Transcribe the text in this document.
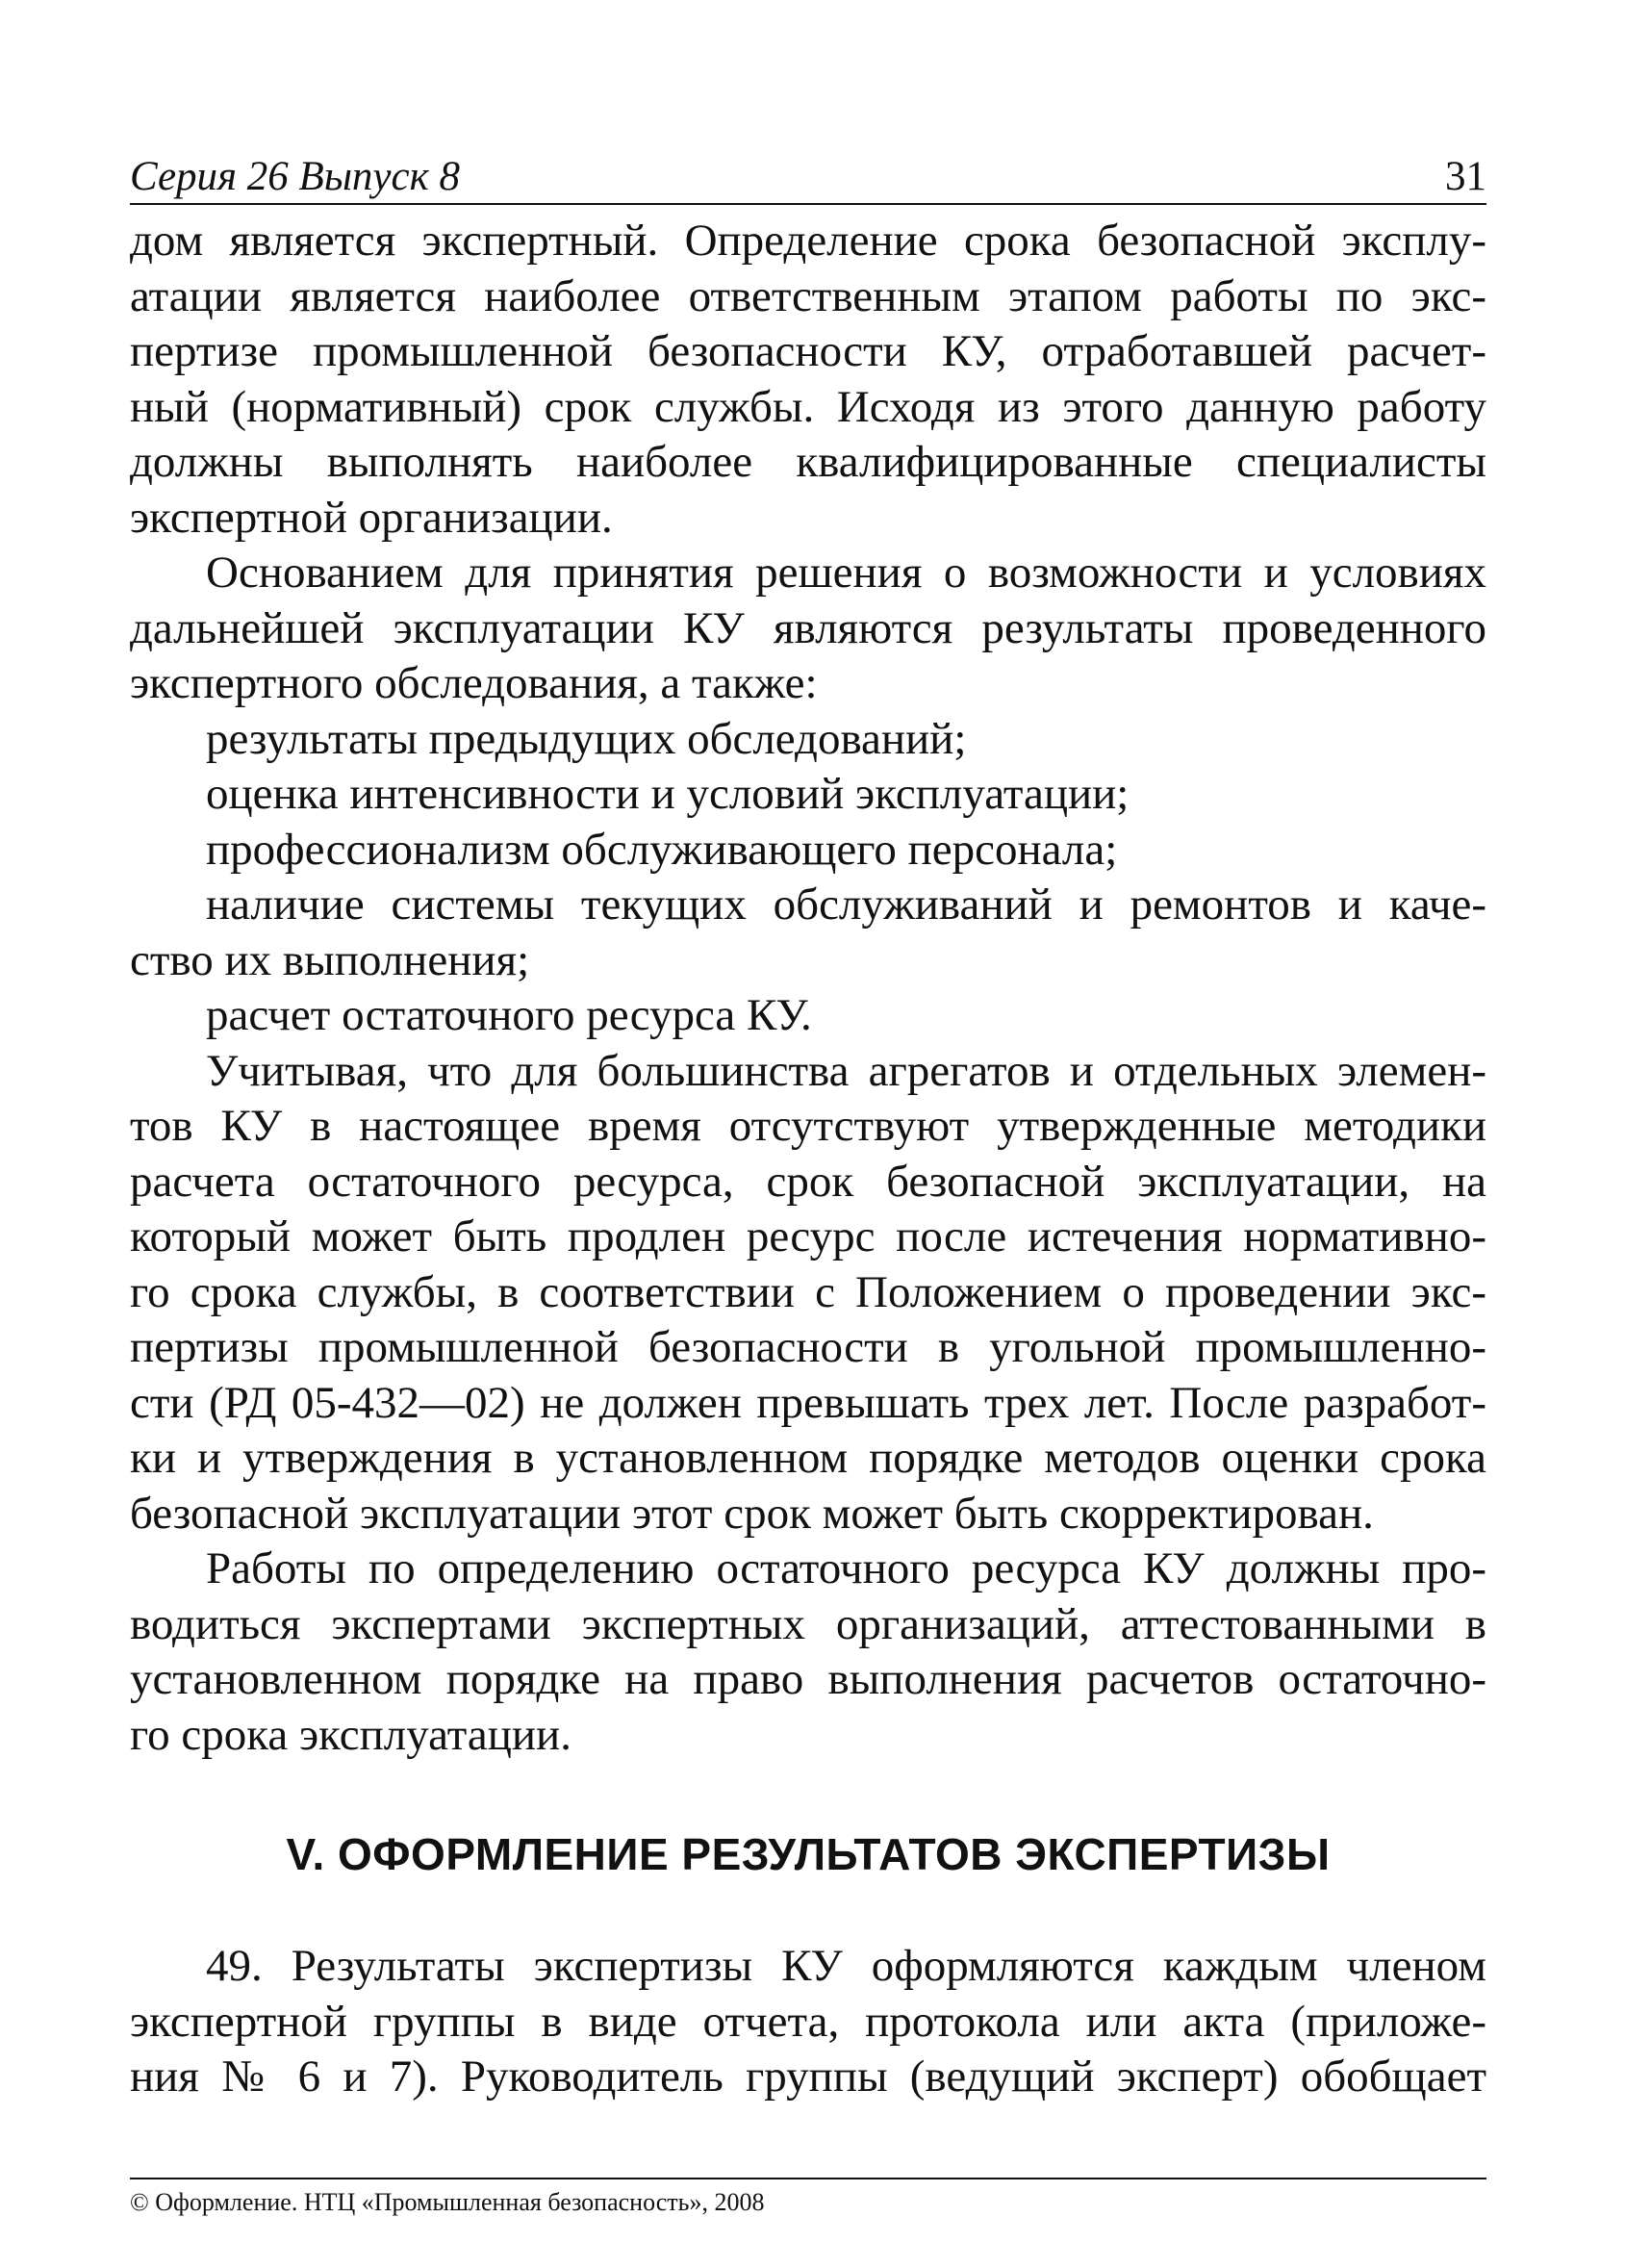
Серия 26 Выпуск 8	31
дом является экспертный. Определение срока безопасной эксплу-
атации является наиболее ответственным этапом работы по экс-
пертизе промышленной безопасности КУ, отработавшей расчет-
ный (нормативный) срок службы. Исходя из этого данную работу
должны выполнять наиболее квалифицированные специалисты
экспертной организации.
Основанием для принятия решения о возможности и условиях
дальнейшей эксплуатации КУ являются результаты проведенного
экспертного обследования, а также:
результаты предыдущих обследований;
оценка интенсивности и условий эксплуатации;
профессионализм обслуживающего персонала;
наличие системы текущих обслуживаний и ремонтов и каче-
ство их выполнения;
расчет остаточного ресурса КУ.
Учитывая, что для большинства агрегатов и отдельных элемен-
тов КУ в настоящее время отсутствуют утвержденные методики
расчета остаточного ресурса, срок безопасной эксплуатации, на
который может быть продлен ресурс после истечения нормативно-
го срока службы, в соответствии с Положением о проведении экс-
пертизы промышленной безопасности в угольной промышленно-
сти (РД 05-432—02) не должен превышать трех лет. После разработ-
ки и утверждения в установленном порядке методов оценки срока
безопасной эксплуатации этот срок может быть скорректирован.
Работы по определению остаточного ресурса КУ должны про-
водиться экспертами экспертных организаций, аттестованными в
установленном порядке на право выполнения расчетов остаточно-
го срока эксплуатации.
V. ОФОРМЛЕНИЕ РЕЗУЛЬТАТОВ ЭКСПЕРТИЗЫ
49. Результаты экспертизы КУ оформляются каждым членом
экспертной группы в виде отчета, протокола или акта (приложе-
ния № 6 и 7). Руководитель группы (ведущий эксперт) обобщает
© Оформление. НТЦ «Промышленная безопасность», 2008
